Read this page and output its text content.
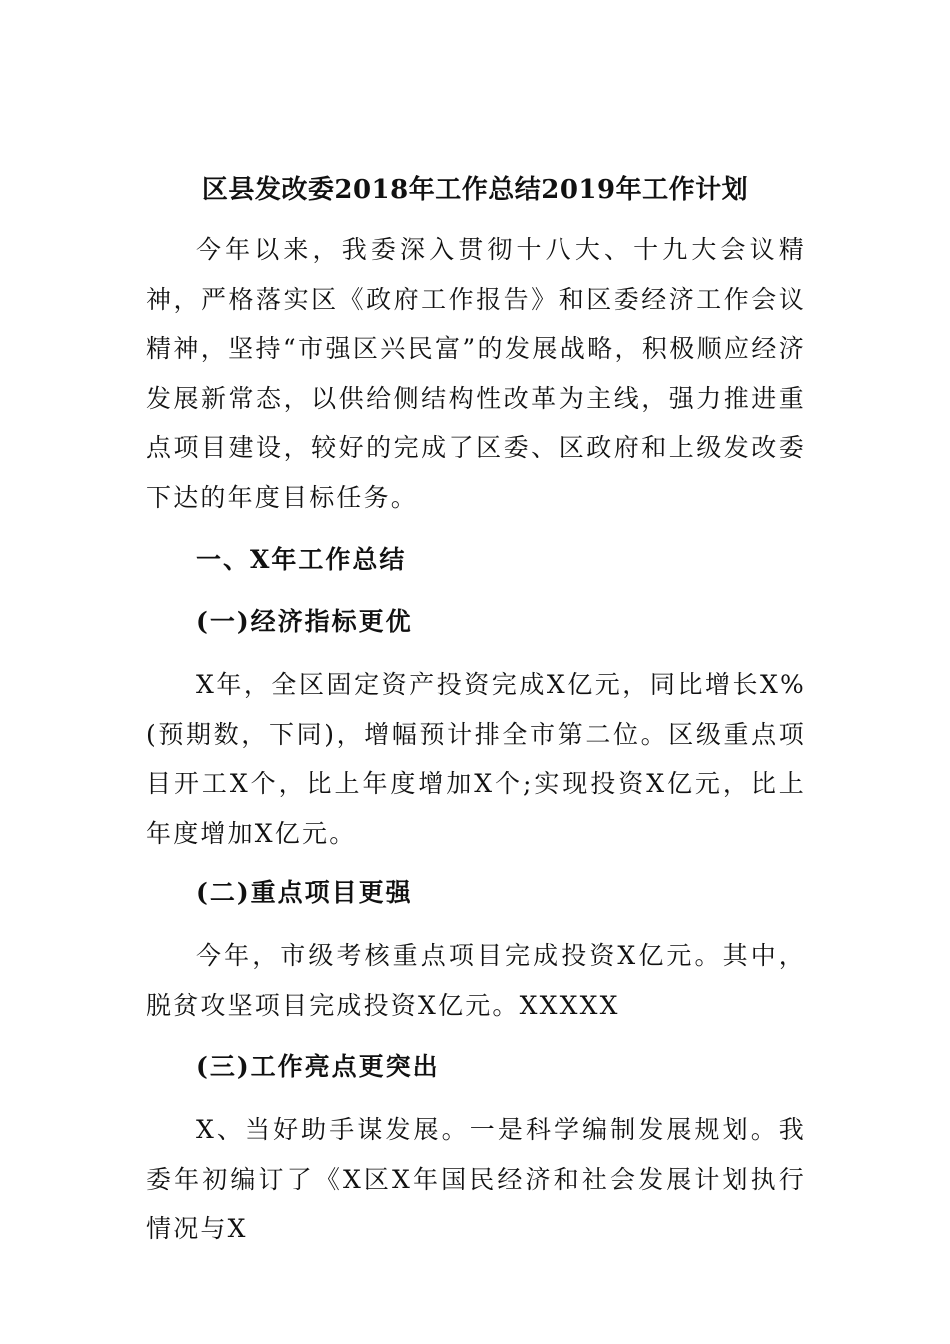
区县发改委2018年工作总结2019年工作计划

今年以来，我委深入贯彻十八大、十九大会议精神，严格落实区《政府工作报告》和区委经济工作会议精神，坚持“市强区兴民富”的发展战略，积极顺应经济发展新常态，以供给侧结构性改革为主线，强力推进重点项目建设，较好的完成了区委、区政府和上级发改委下达的年度目标任务。

一、X年工作总结
(一)经济指标更优

X年，全区固定资产投资完成X亿元，同比增长X%(预期数，下同)，增幅预计排全市第二位。区级重点项目开工X个，比上年度增加X个;实现投资X亿元，比上年度增加X亿元。

(二)重点项目更强

今年，市级考核重点项目完成投资X亿元。其中，脱贫攻坚项目完成投资X亿元。XXXXX

(三)工作亮点更突出

X、当好助手谋发展。一是科学编制发展规划。我委年初编订了《X区X年国民经济和社会发展计划执行情况与X
